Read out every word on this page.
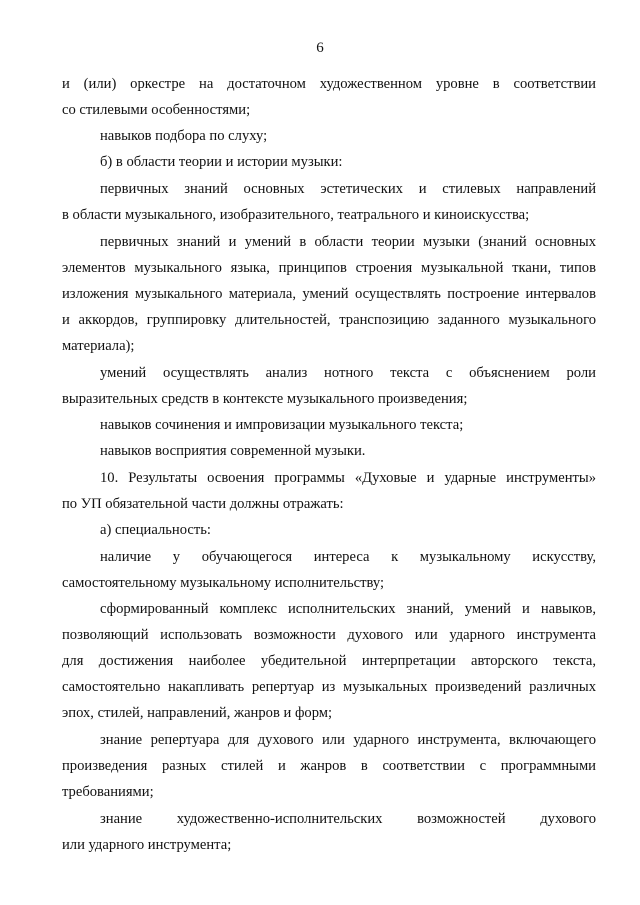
6
и (или) оркестре на достаточном художественном уровне в соответствии
со стилевыми особенностями;
навыков подбора по слуху;
б) в области теории и истории музыки:
первичных знаний основных эстетических и стилевых направлений
в области музыкального, изобразительного, театрального и киноискусства;
первичных знаний и умений в области теории музыки (знаний основных
элементов музыкального языка, принципов строения музыкальной ткани, типов
изложения музыкального материала, умений осуществлять построение интервалов
и аккордов, группировку длительностей, транспозицию заданного музыкального
материала);
умений осуществлять анализ нотного текста с объяснением роли
выразительных средств в контексте музыкального произведения;
навыков сочинения и импровизации музыкального текста;
навыков восприятия современной музыки.
10. Результаты освоения программы «Духовые и ударные инструменты»
по УП обязательной части должны отражать:
а) специальность:
наличие у обучающегося интереса к музыкальному искусству,
самостоятельному музыкальному исполнительству;
сформированный комплекс исполнительских знаний, умений и навыков,
позволяющий использовать возможности духового или ударного инструмента
для достижения наиболее убедительной интерпретации авторского текста,
самостоятельно накапливать репертуар из музыкальных произведений различных
эпох, стилей, направлений, жанров и форм;
знание репертуара для духового или ударного инструмента, включающего
произведения разных стилей и жанров в соответствии с программными
требованиями;
знание художественно-исполнительских возможностей духового
или ударного инструмента;
